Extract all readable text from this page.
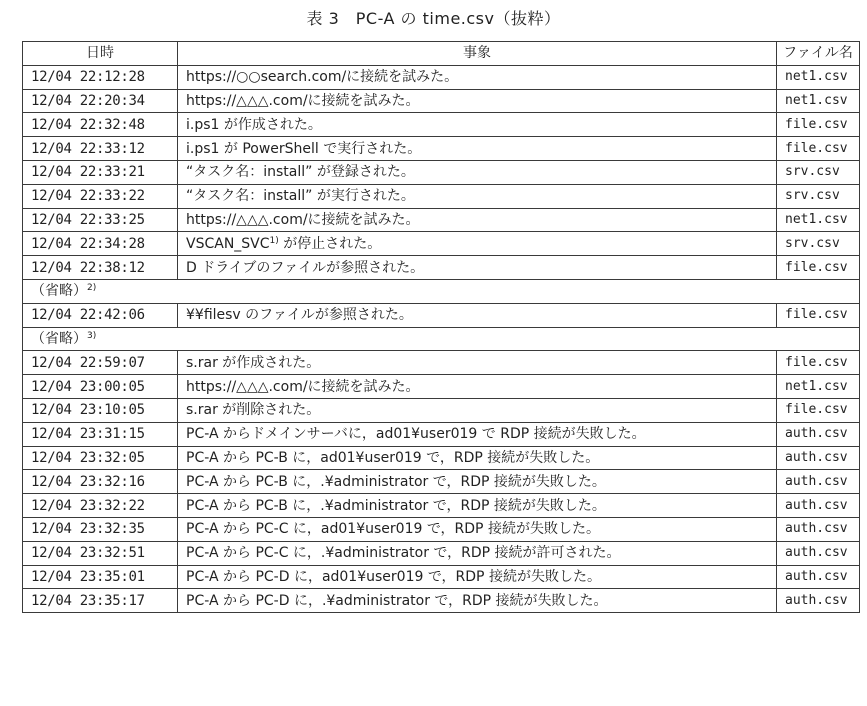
表 3　PC-A の time.csv（抜粋）
日時	事象	ファイル名
12/04 22:12:28	https://○○search.com/に接続を試みた。	net1.csv
12/04 22:20:34	https://△△△.com/に接続を試みた。	net1.csv
12/04 22:32:48	i.ps1 が作成された。	file.csv
12/04 22:33:12	i.ps1 が PowerShell で実行された。	file.csv
12/04 22:33:21	“タスク名：install” が登録された。	srv.csv
12/04 22:33:22	“タスク名：install” が実行された。	srv.csv
12/04 22:33:25	https://△△△.com/に接続を試みた。	net1.csv
12/04 22:34:28	VSCAN_SVC$^{1)}$ が停止された。	srv.csv
12/04 22:38:12	D ドライブのファイルが参照された。	file.csv
（省略）$^{2)}$
12/04 22:42:06	¥¥filesv のファイルが参照された。	file.csv
（省略）$^{3)}$
12/04 22:59:07	s.rar が作成された。	file.csv
12/04 23:00:05	https://△△△.com/に接続を試みた。	net1.csv
12/04 23:10:05	s.rar が削除された。	file.csv
12/04 23:31:15	PC-A からドメインサーバに，ad01¥user019 で RDP 接続が失敗した。	auth.csv
12/04 23:32:05	PC-A から PC-B に，ad01¥user019 で，RDP 接続が失敗した。	auth.csv
12/04 23:32:16	PC-A から PC-B に，.¥administrator で，RDP 接続が失敗した。	auth.csv
12/04 23:32:22	PC-A から PC-B に，.¥administrator で，RDP 接続が失敗した。	auth.csv
12/04 23:32:35	PC-A から PC-C に，ad01¥user019 で，RDP 接続が失敗した。	auth.csv
12/04 23:32:51	PC-A から PC-C に，.¥administrator で，RDP 接続が許可された。	auth.csv
12/04 23:35:01	PC-A から PC-D に，ad01¥user019 で，RDP 接続が失敗した。	auth.csv
12/04 23:35:17	PC-A から PC-D に，.¥administrator で，RDP 接続が失敗した。	auth.csv
